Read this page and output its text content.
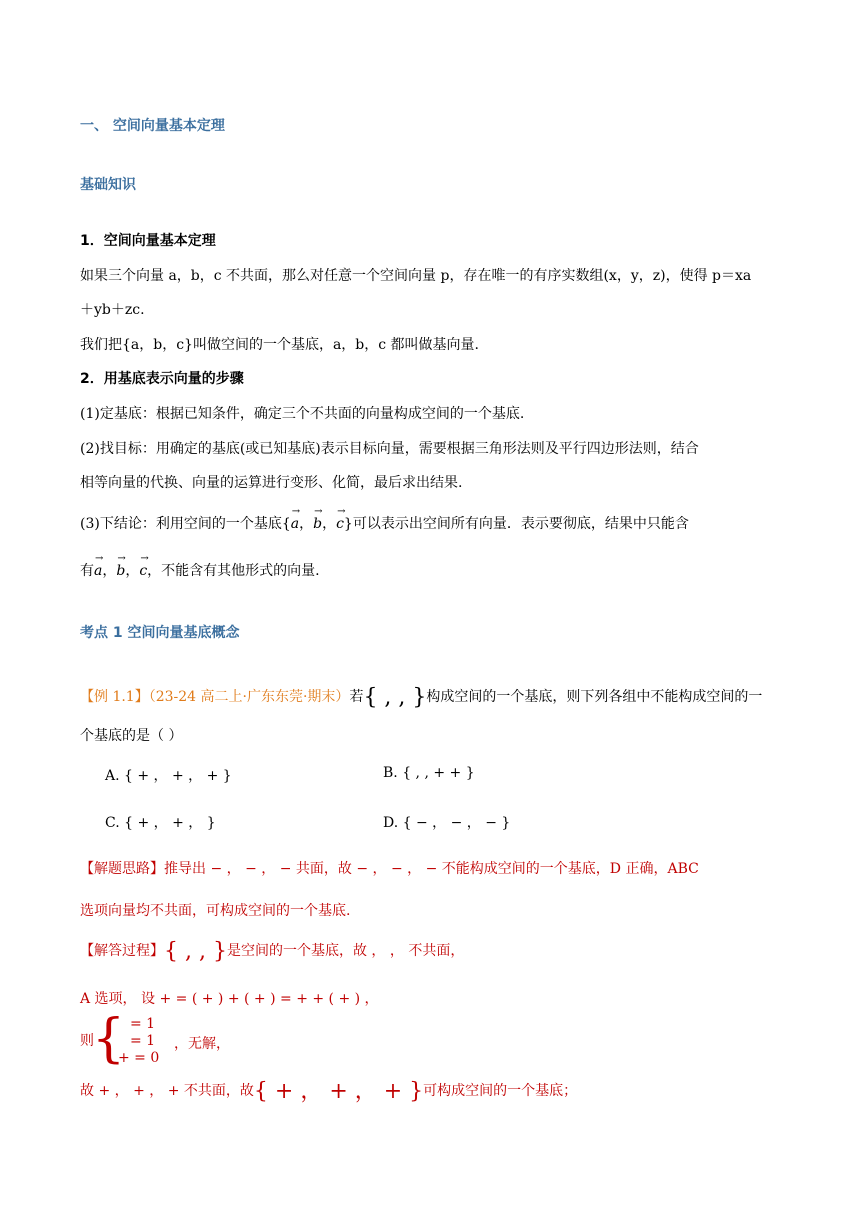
一、 空间向量基本定理
基础知识
1．空间向量基本定理
如果三个向量 a，b，c 不共面，那么对任意一个空间向量 p，存在唯一的有序实数组(x，y，z)，使得 p＝xa
＋yb＋zc.
我们把{a，b，c}叫做空间的一个基底，a，b，c 都叫做基向量.
2．用基底表示向量的步骤
(1)定基底：根据已知条件，确定三个不共面的向量构成空间的一个基底.
(2)找目标：用确定的基底(或已知基底)表示目标向量，需要根据三角形法则及平行四边形法则，结合
相等向量的代换、向量的运算进行变形、化简，最后求出结果.
(3)下结论：利用空间的一个基底{→ a，→ b，→ c}可以表示出空间所有向量．表示要彻底，结果中只能含
有→ a，→ b，→ c，不能含有其他形式的向量.
考点 1 空间向量基底概念
【例 1.1】（23-24 高二上·广东东莞·期末）若{ , , }构成空间的一个基底，则下列各组中不能构成空间的一
个基底的是（ ）
A. { + ， + ， + }	B. { , , + + }
C. { + ， + ， }	D. { − ， − ， − }
【解题思路】推导出 − ， − ， − 共面，故 − ， − ， − 不能构成空间的一个基底，D 正确，ABC
选项向量均不共面，可构成空间的一个基底.
【解答过程】{ , , }是空间的一个基底，故 ， ， 不共面，
A 选项， 设 + = ( + ) + ( + ) = + + ( + ) ，
则
{ = 1
= 1
+ = 0
，无解，
故 + ， + ， + 不共面，故{ + ， + ， + }可构成空间的一个基底；
